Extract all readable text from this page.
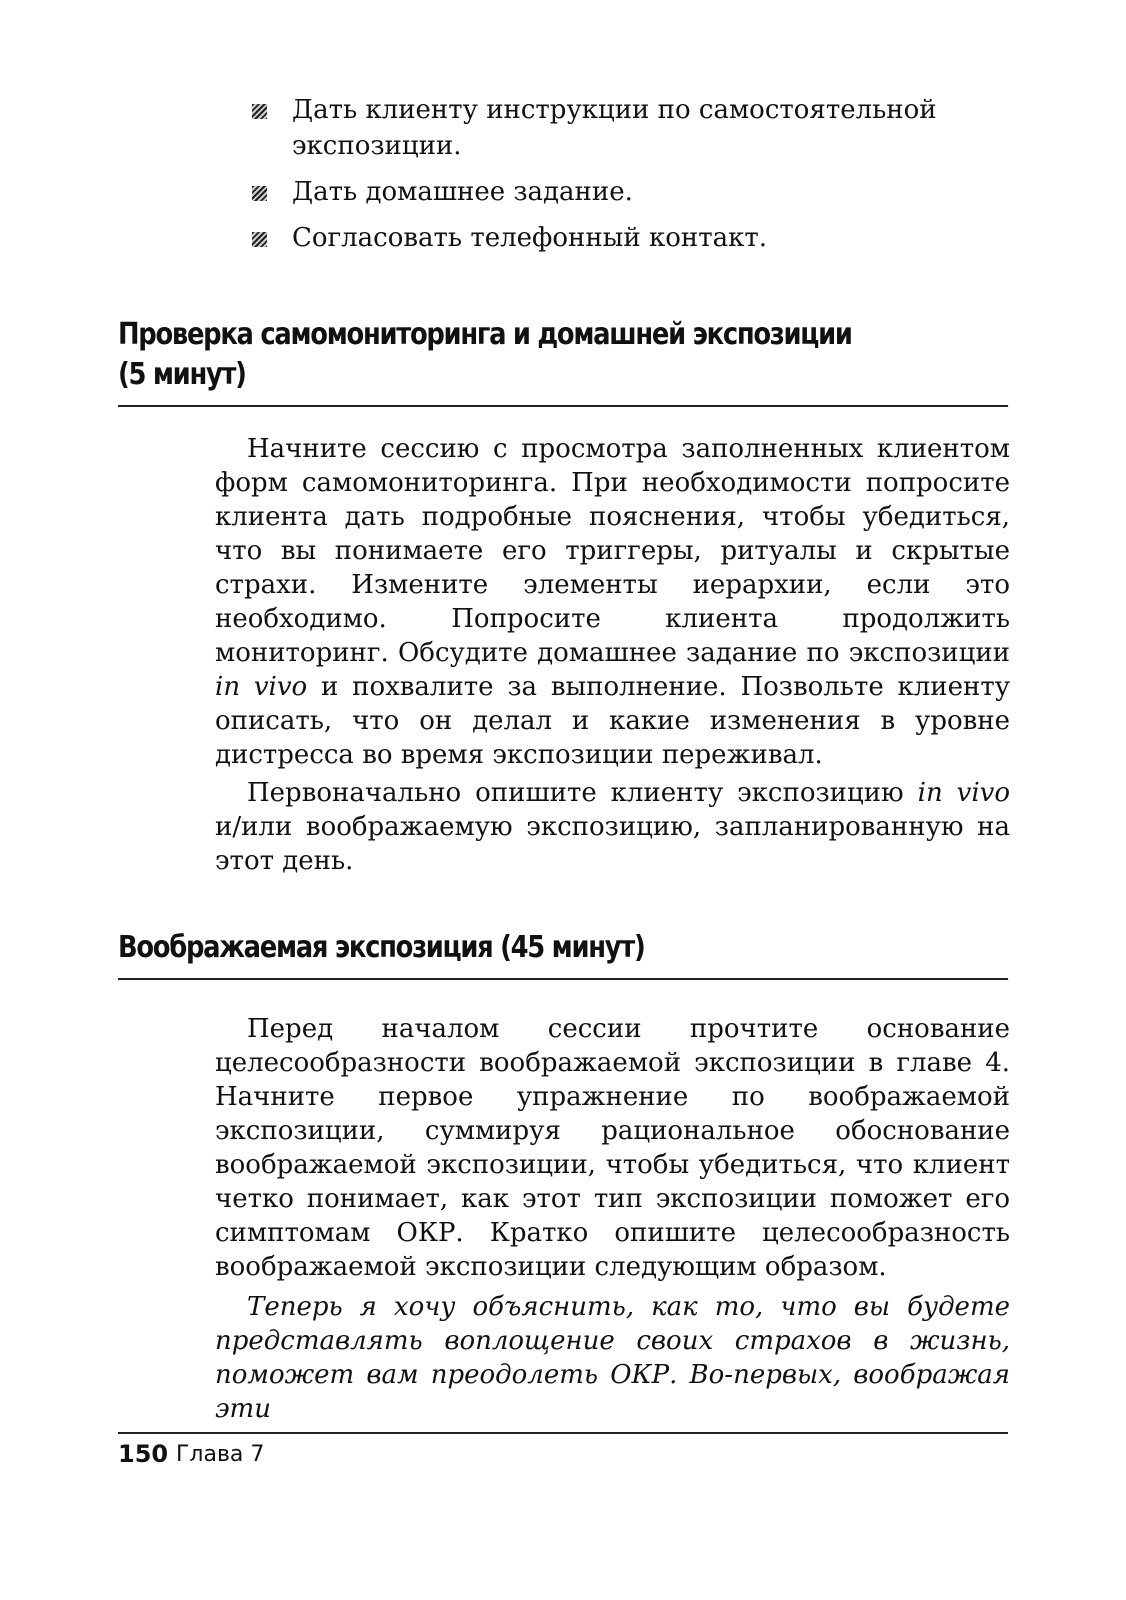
Дать клиенту инструкции по самостоятельной экспозиции.
Дать домашнее задание.
Согласовать телефонный контакт.
Проверка самомониторинга и домашней экспозиции
(5 минут)

Начните сессию с просмотра заполненных клиентом форм самомониторинга. При необходимости попросите клиента дать подробные пояснения, чтобы убедиться, что вы понимаете его триггеры, ритуалы и скрытые страхи. Измените элементы иерархии, если это необходимо. Попросите клиента продолжить мониторинг. Обсудите домашнее задание по экспозиции in vivo и похвалите за выполнение. Позвольте клиенту описать, что он делал и какие изменения в уровне дистресса во время экспозиции переживал.

Первоначально опишите клиенту экспозицию in vivo и/или воображаемую экспозицию, запланированную на этот день.

Воображаемая экспозиция (45 минут)

Перед началом сессии прочтите основание целесообразности воображаемой экспозиции в главе 4. Начните первое упражнение по воображаемой экспозиции, суммируя рациональное обоснование воображаемой экспозиции, чтобы убедиться, что клиент четко понимает, как этот тип экспозиции поможет его симптомам ОКР. Кратко опишите целесообразность воображаемой экспозиции следующим образом.

Теперь я хочу объяснить, как то, что вы будете представлять воплощение своих страхов в жизнь, поможет вам преодолеть ОКР. Во-первых, воображая эти

150 Глава 7
